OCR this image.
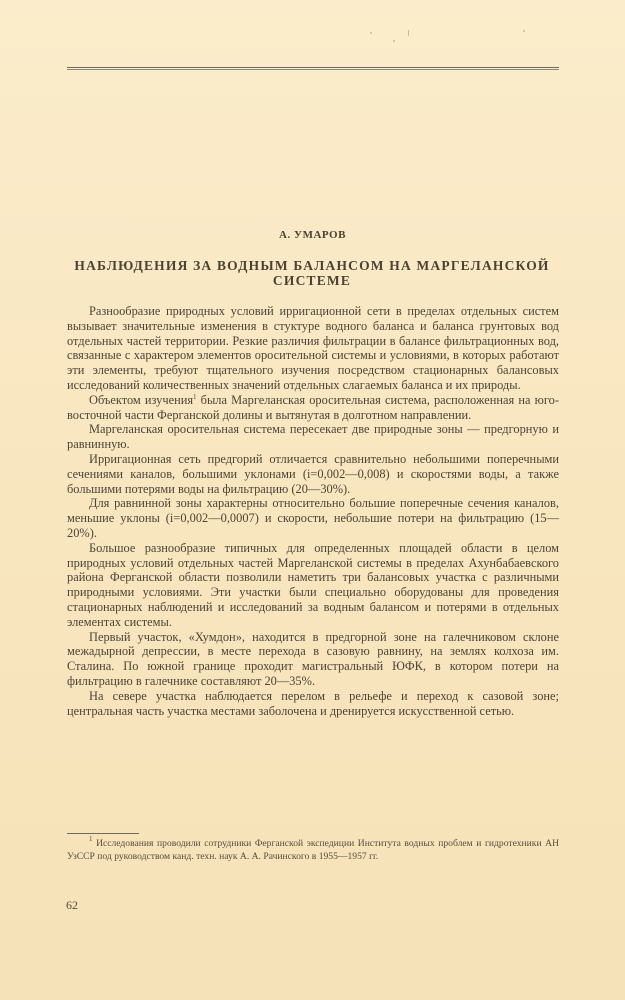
А. УМАРОВ
НАБЛЮДЕНИЯ ЗА ВОДНЫМ БАЛАНСОМ НА МАРГЕЛАНСКОЙ
СИСТЕМЕ

Разнообразие природных условий ирригационной сети в пределах отдельных систем вызывает значительные изменения в стуктуре водного баланса и баланса грунтовых вод отдельных частей территории. Резкие различия фильтрации в балансе фильтрационных вод, связанные с характером элементов оросительной системы и условиями, в которых работают эти элементы, требуют тщательного изучения посредством стационарных балансовых исследований количественных значений отдельных слагаемых баланса и их природы.

Объектом изучения$^1$ была Маргеланская оросительная система, расположенная на юго-восточной части Ферганской долины и вытянутая в долготном направлении.

Маргеланская оросительная система пересекает две природные зоны — предгорную и равнинную.

Ирригационная сеть предгорий отличается сравнительно небольшими поперечными сечениями каналов, большими уклонами (i=0,002—0,008) и скоростями воды, а также большими потерями воды на фильтрацию (20—30%).

Для равнинной зоны характерны относительно большие поперечные сечения каналов, меньшие уклоны (i=0,002—0,0007) и скорости, небольшие потери на фильтрацию (15—20%).

Большое разнообразие типичных для определенных площадей области в целом природных условий отдельных частей Маргеланской системы в пределах Ахунбабаевского района Ферганской области позволили наметить три балансовых участка с различными природными условиями. Эти участки были специально оборудованы для проведения стационарных наблюдений и исследований за водным балансом и потерями в отдельных элементах системы.

Первый участок, «Хумдон», находится в предгорной зоне на галечниковом склоне межадырной депрессии, в месте перехода в сазовую равнину, на землях колхоза им. Сталина. По южной границе проходит магистральный ЮФК, в котором потери на фильтрацию в галечнике составляют 20—35%.

На севере участка наблюдается перелом в рельефе и переход к сазовой зоне; центральная часть участка местами заболочена и дренируется искусственной сетью.

$^1$ Исследования проводили сотрудники Ферганской экспедиции Института водных проблем и гидротехники АН УзССР под руководством канд. техн. наук А. А. Рачинского в 1955—1957 гг.

62
